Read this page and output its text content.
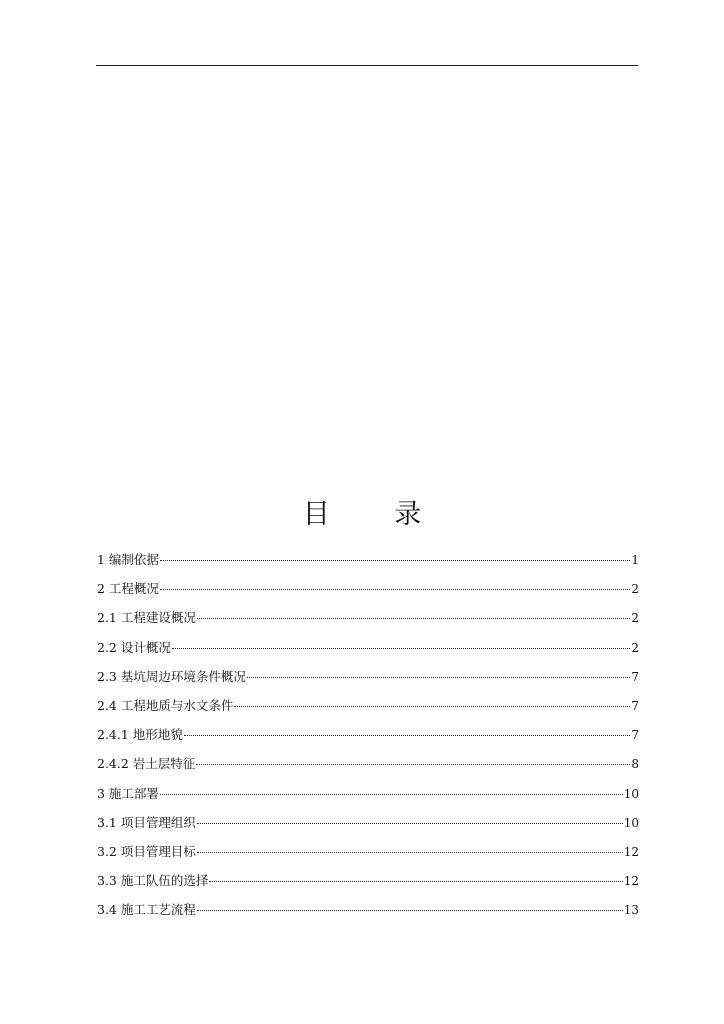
目 录
1 编制依据	1
2 工程概况	2
2.1 工程建设概况	2
2.2 设计概况	2
2.3 基坑周边环境条件概况	7
2.4 工程地质与水文条件	7
2.4.1 地形地貌	7
2.4.2 岩土层特征	8
3 施工部署	10
3.1 项目管理组织	10
3.2 项目管理目标	12
3.3 施工队伍的选择	12
3.4 施工工艺流程	13
